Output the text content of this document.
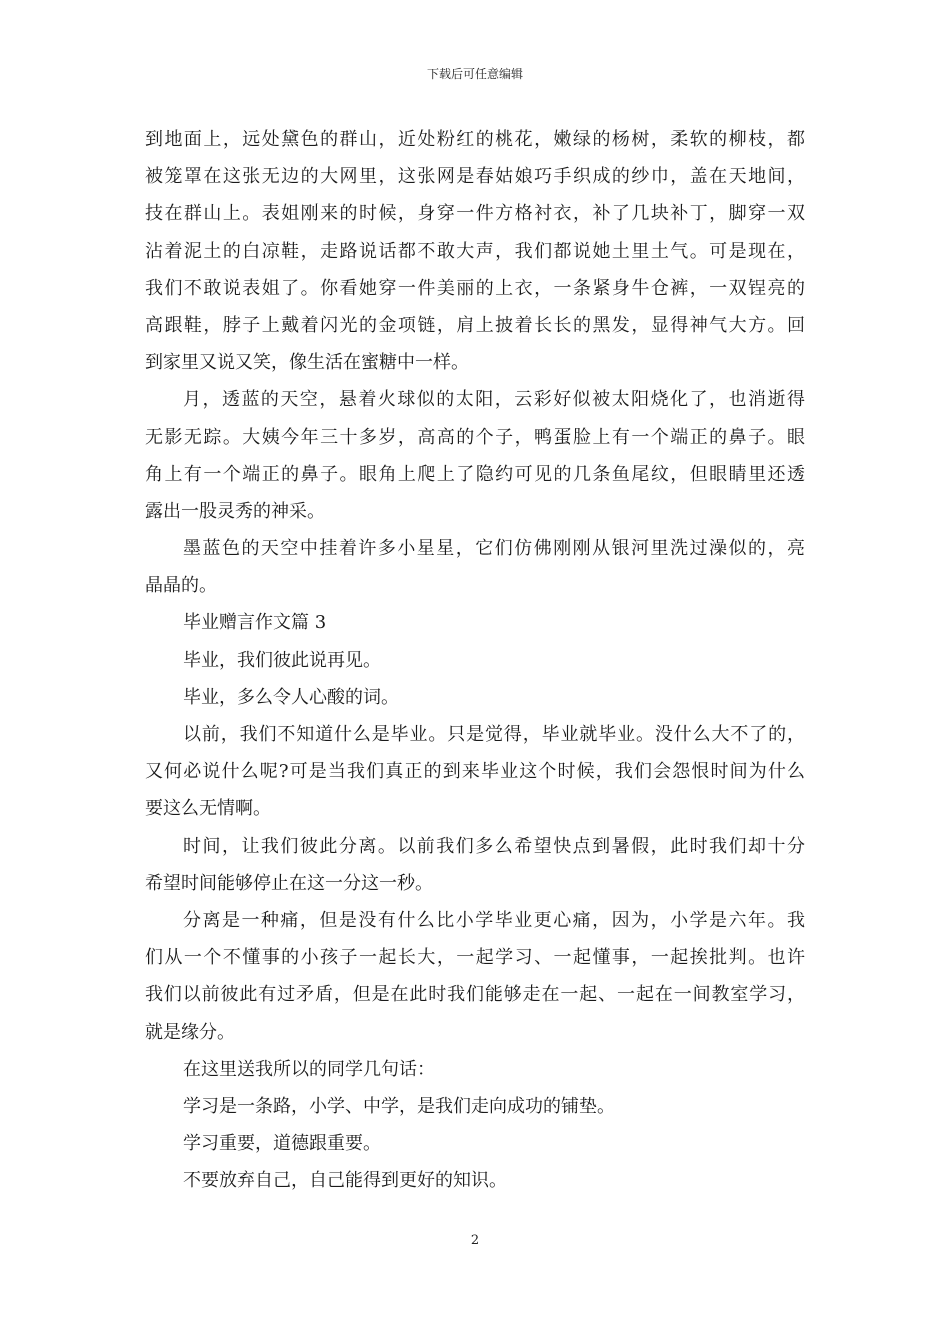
下载后可任意编辑
到地面上，远处黛色的群山，近处粉红的桃花，嫩绿的杨树，柔软的柳枝，都
被笼罩在这张无边的大网里，这张网是春姑娘巧手织成的纱巾，盖在天地间，
技在群山上。表姐刚来的时候，身穿一件方格衬衣，补了几块补丁，脚穿一双
沾着泥土的白凉鞋，走路说话都不敢大声，我们都说她土里土气。可是现在，
我们不敢说表姐了。你看她穿一件美丽的上衣，一条紧身牛仓裤，一双锃亮的
高跟鞋，脖子上戴着闪光的金项链，肩上披着长长的黑发，显得神气大方。回
到家里又说又笑，像生活在蜜糖中一样。
月，透蓝的天空，悬着火球似的太阳，云彩好似被太阳烧化了，也消逝得
无影无踪。大姨今年三十多岁，高高的个子，鸭蛋脸上有一个端正的鼻子。眼
角上有一个端正的鼻子。眼角上爬上了隐约可见的几条鱼尾纹，但眼睛里还透
露出一股灵秀的神采。
墨蓝色的天空中挂着许多小星星，它们仿佛刚刚从银河里洗过澡似的，亮
晶晶的。
毕业赠言作文篇 3
毕业，我们彼此说再见。
毕业，多么令人心酸的词。
以前，我们不知道什么是毕业。只是觉得，毕业就毕业。没什么大不了的，
又何必说什么呢?可是当我们真正的到来毕业这个时候，我们会怨恨时间为什么
要这么无情啊。
时间，让我们彼此分离。以前我们多么希望快点到暑假，此时我们却十分
希望时间能够停止在这一分这一秒。
分离是一种痛，但是没有什么比小学毕业更心痛，因为，小学是六年。我
们从一个不懂事的小孩子一起长大，一起学习、一起懂事，一起挨批判。也许
我们以前彼此有过矛盾，但是在此时我们能够走在一起、一起在一间教室学习，
就是缘分。
在这里送我所以的同学几句话：
学习是一条路，小学、中学，是我们走向成功的铺垫。
学习重要，道德跟重要。
不要放弃自己，自己能得到更好的知识。
2
